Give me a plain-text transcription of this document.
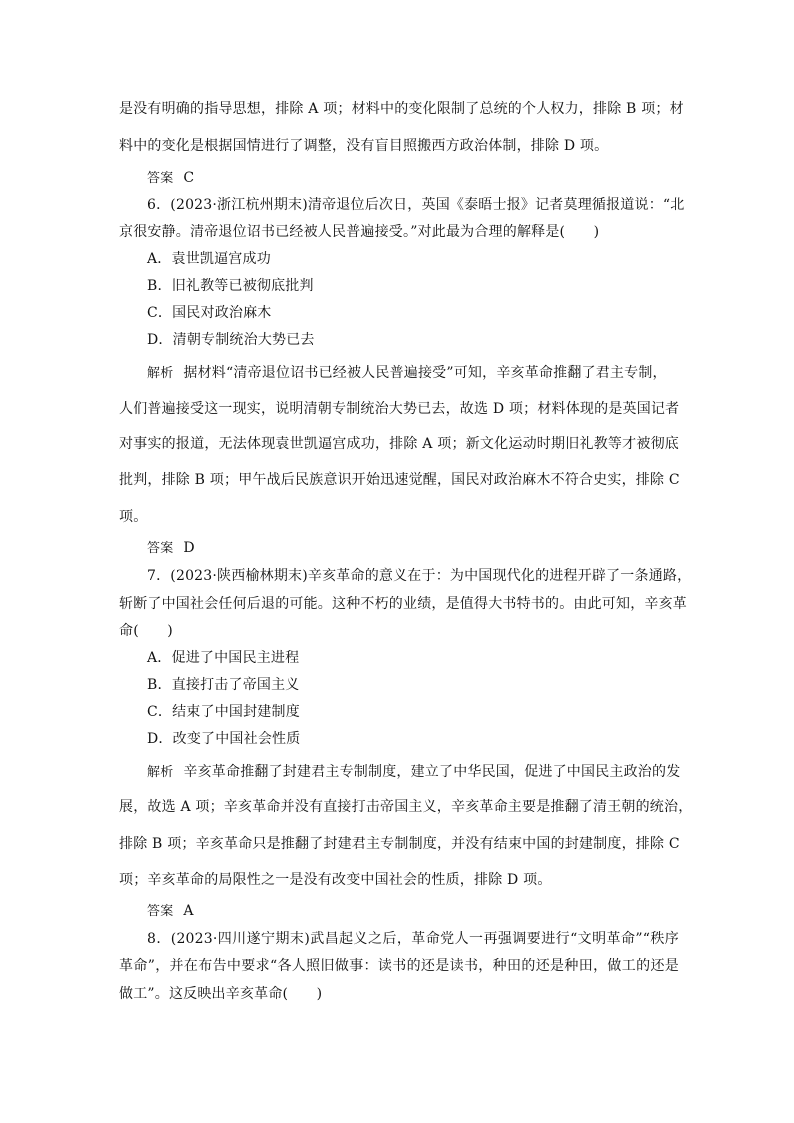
是没有明确的指导思想，排除 A 项；材料中的变化限制了总统的个人权力，排除 B 项；材
料中的变化是根据国情进行了调整，没有盲目照搬西方政治体制，排除 D 项。
答案 C
6．(2023·浙江杭州期末)清帝退位后次日，英国《泰晤士报》记者莫理循报道说：“北
京很安静。清帝退位诏书已经被人民普遍接受。”对此最为合理的解释是(　　)
A．袁世凯逼宫成功
B．旧礼教等已被彻底批判
C．国民对政治麻木
D．清朝专制统治大势已去
解析 据材料“清帝退位诏书已经被人民普遍接受”可知，辛亥革命推翻了君主专制，
人们普遍接受这一现实，说明清朝专制统治大势已去，故选 D 项；材料体现的是英国记者
对事实的报道，无法体现袁世凯逼宫成功，排除 A 项；新文化运动时期旧礼教等才被彻底
批判，排除 B 项；甲午战后民族意识开始迅速觉醒，国民对政治麻木不符合史实，排除 C
项。
答案 D
7．(2023·陕西榆林期末)辛亥革命的意义在于：为中国现代化的进程开辟了一条通路，
斩断了中国社会任何后退的可能。这种不朽的业绩，是值得大书特书的。由此可知，辛亥革
命(　　)
A．促进了中国民主进程
B．直接打击了帝国主义
C．结束了中国封建制度
D．改变了中国社会性质
解析 辛亥革命推翻了封建君主专制制度，建立了中华民国，促进了中国民主政治的发
展，故选 A 项；辛亥革命并没有直接打击帝国主义，辛亥革命主要是推翻了清王朝的统治，
排除 B 项；辛亥革命只是推翻了封建君主专制制度，并没有结束中国的封建制度，排除 C
项；辛亥革命的局限性之一是没有改变中国社会的性质，排除 D 项。
答案 A
8．(2023·四川遂宁期末)武昌起义之后，革命党人一再强调要进行“文明革命”“秩序
革命”，并在布告中要求“各人照旧做事：读书的还是读书，种田的还是种田，做工的还是
做工”。这反映出辛亥革命(　　)
